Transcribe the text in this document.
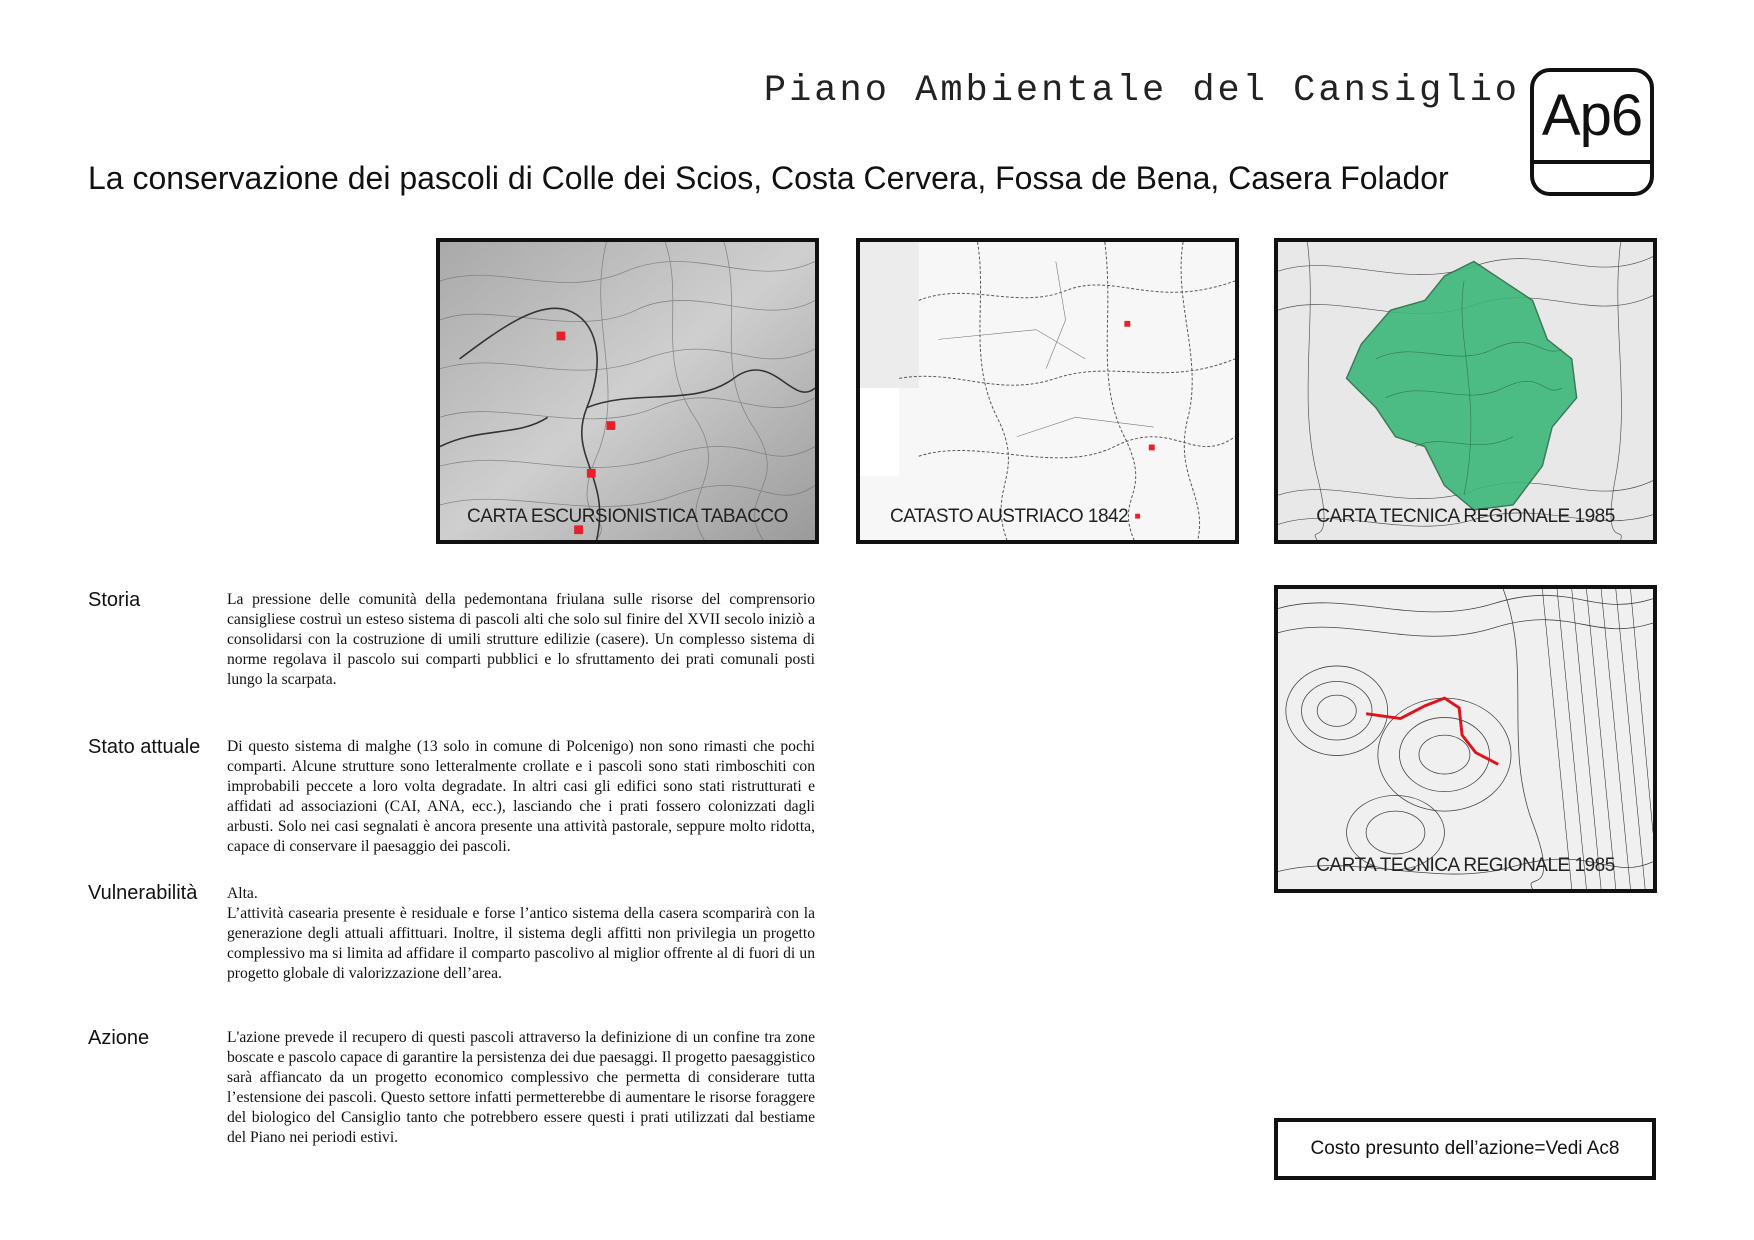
Piano Ambientale del Cansiglio Ap6
La conservazione dei pascoli di Colle dei Scios, Costa Cervera, Fossa de Bena, Casera Folador
CARTA ESCURSIONISTICA TABACCO	CATASTO AUSTRIACO 1842	CARTA TECNICA REGIONALE 1985
CARTA TECNICA REGIONALE 1985
Storia	La pressione delle comunità della pedemontana friulana sulle risorse del comprensorio cansigliese costruì un esteso sistema di pascoli alti che solo sul finire del XVII secolo iniziò a consolidarsi con la costruzione di umili strutture edilizie (casere). Un complesso sistema di norme regolava il pascolo sui comparti pubblici e lo sfruttamento dei prati comunali posti lungo la scarpata.
Stato attuale Di questo sistema di malghe (13 solo in comune di Polcenigo) non sono rimasti che pochi comparti. Alcune strutture sono letteralmente crollate e i pascoli sono stati rimboschiti con improbabili peccete a loro volta degradate. In altri casi gli edifici sono stati ristrutturati e affidati ad associazioni (CAI, ANA, ecc.), lasciando che i prati fossero colonizzati dagli arbusti. Solo nei casi segnalati è ancora presente una attività pastorale, seppure molto ridotta, capace di conservare il paesaggio dei pascoli.
Vulnerabilità Alta.
L’attività casearia presente è residuale e forse l’antico sistema della casera scomparirà con la generazione degli attuali affittuari. Inoltre, il sistema degli affitti non privilegia un progetto complessivo ma si limita ad affidare il comparto pascolivo al miglior offrente al di fuori di un progetto globale di valorizzazione dell’area.
Azione	L'azione prevede il recupero di questi pascoli attraverso la definizione di un confine tra zone boscate e pascolo capace di garantire la persistenza dei due paesaggi. Il progetto paesaggistico sarà affiancato da un progetto economico complessivo che permetta di considerare tutta l’estensione dei pascoli. Questo settore infatti permetterebbe di aumentare le risorse foraggere del biologico del Cansiglio tanto che potrebbero essere questi i prati utilizzati dal bestiame del Piano nei periodi estivi.
Costo presunto dell’azione=Vedi Ac8
